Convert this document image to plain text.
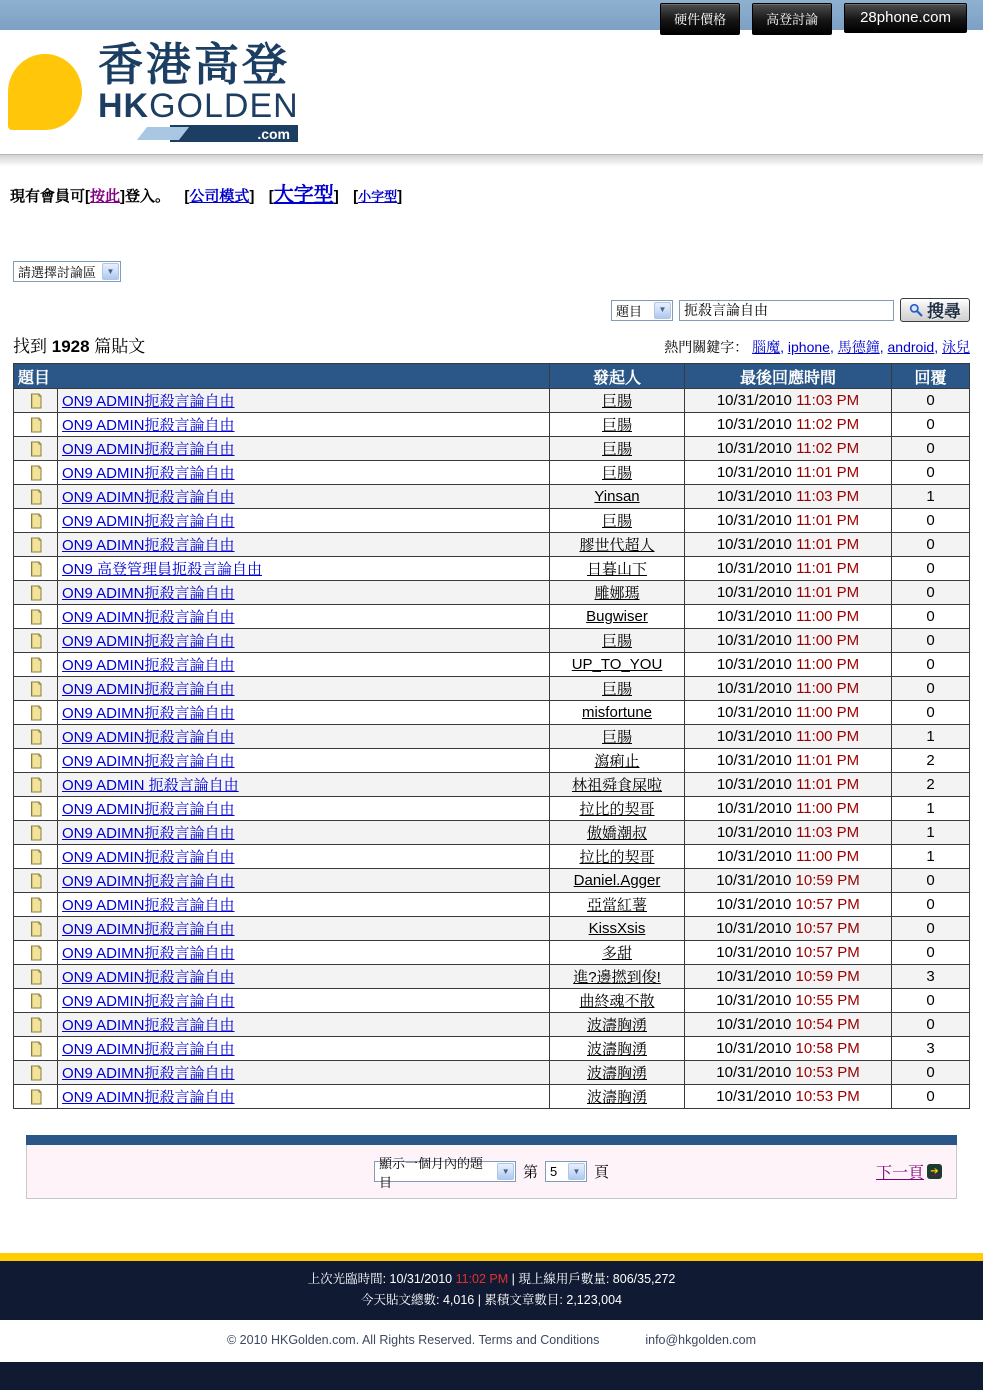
硬件價格	高登討論	28phone.com
香港高登
HKGOLDEN
.com
現有會員可[按此]登入。 [公司模式] [大字型] [小字型]
請選擇討論區	▼
題目	▼
扼殺言論自由	搜尋
找到 1928 篇貼文	熱門關鍵字： 腦魔, iphone, 馬德鐘, android, 泳兒
題目		發起人	最後回應時間	回覆
	ON9 ADMIN扼殺言論自由	巨腸	10/31/2010 11:03 PM	0
	ON9 ADMIN扼殺言論自由	巨腸	10/31/2010 11:02 PM	0
	ON9 ADMIN扼殺言論自由	巨腸	10/31/2010 11:02 PM	0
	ON9 ADMIN扼殺言論自由	巨腸	10/31/2010 11:01 PM	0
	ON9 ADIMN扼殺言論自由	Yinsan	10/31/2010 11:03 PM	1
	ON9 ADMIN扼殺言論自由	巨腸	10/31/2010 11:01 PM	0
	ON9 ADIMN扼殺言論自由	膠世代超人	10/31/2010 11:01 PM	0
	ON9 高登管理員扼殺言論自由	日暮山下	10/31/2010 11:01 PM	0
	ON9 ADIMN扼殺言論自由	雕娜瑪	10/31/2010 11:01 PM	0
	ON9 ADIMN扼殺言論自由	Bugwiser	10/31/2010 11:00 PM	0
	ON9 ADMIN扼殺言論自由	巨腸	10/31/2010 11:00 PM	0
	ON9 ADMIN扼殺言論自由	UP_TO_YOU	10/31/2010 11:00 PM	0
	ON9 ADMIN扼殺言論自由	巨腸	10/31/2010 11:00 PM	0
	ON9 ADIMN扼殺言論自由	misfortune	10/31/2010 11:00 PM	0
	ON9 ADMIN扼殺言論自由	巨腸	10/31/2010 11:00 PM	1
	ON9 ADIMN扼殺言論自由	瀉痢止	10/31/2010 11:01 PM	2
	ON9 ADMIN 扼殺言論自由	林祖舜食屎啦	10/31/2010 11:01 PM	2
	ON9 ADMIN扼殺言論自由	拉比的契哥	10/31/2010 11:00 PM	1
	ON9 ADIMN扼殺言論自由	傲嬌潮叔	10/31/2010 11:03 PM	1
	ON9 ADMIN扼殺言論自由	拉比的契哥	10/31/2010 11:00 PM	1
	ON9 ADIMN扼殺言論自由	Daniel.Agger	10/31/2010 10:59 PM	0
	ON9 ADMIN扼殺言論自由	亞當紅薯	10/31/2010 10:57 PM	0
	ON9 ADIMN扼殺言論自由	KissXsis	10/31/2010 10:57 PM	0
	ON9 ADIMN扼殺言論自由	多甜	10/31/2010 10:57 PM	0
	ON9 ADMIN扼殺言論自由	進?邊撚到俊!	10/31/2010 10:59 PM	3
	ON9 ADMIN扼殺言論自由	曲終魂不散	10/31/2010 10:55 PM	0
	ON9 ADIMN扼殺言論自由	波濤胸湧	10/31/2010 10:54 PM	0
	ON9 ADIMN扼殺言論自由	波濤胸湧	10/31/2010 10:58 PM	3
	ON9 ADIMN扼殺言論自由	波濤胸湧	10/31/2010 10:53 PM	0
	ON9 ADIMN扼殺言論自由	波濤胸湧	10/31/2010 10:53 PM	0
顯示一個月內的題目
▼ 第 5	▼ 頁	下一頁 ➔
上次光臨時間: 10/31/2010 11:02 PM | 現上線用戶數量: 806/35,272
今天貼文總數: 4,016 | 累積文章數目: 2,123,004
© 2010 HKGolden.com. All Rights Reserved. Terms and Conditions	info@hkgolden.com
